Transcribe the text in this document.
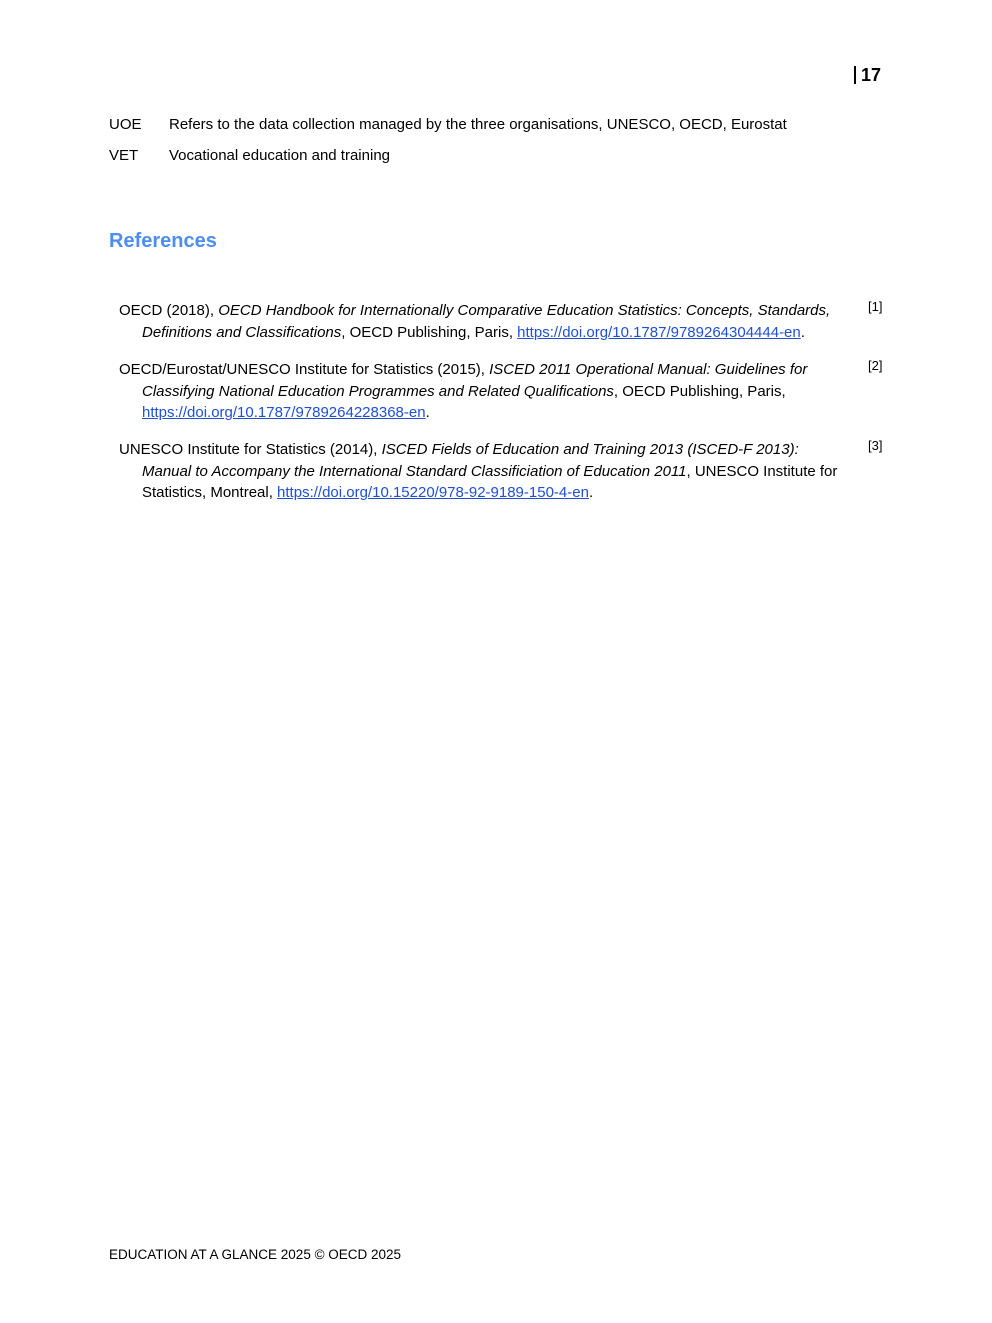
17
UOE Refers to the data collection managed by the three organisations, UNESCO, OECD, Eurostat
VET Vocational education and training
References
OECD (2018), OECD Handbook for Internationally Comparative Education Statistics: Concepts, Standards, Definitions and Classifications, OECD Publishing, Paris, https://doi.org/10.1787/9789264304444-en.
[1]
OECD/Eurostat/UNESCO Institute for Statistics (2015), ISCED 2011 Operational Manual: Guidelines for Classifying National Education Programmes and Related Qualifications, OECD Publishing, Paris, https://doi.org/10.1787/9789264228368-en.
[2]
UNESCO Institute for Statistics (2014), ISCED Fields of Education and Training 2013 (ISCED-F 2013): Manual to Accompany the International Standard Classificiation of Education 2011, UNESCO Institute for Statistics, Montreal, https://doi.org/10.15220/978-92-9189-150-4-en.
[3]
EDUCATION AT A GLANCE 2025 © OECD 2025
